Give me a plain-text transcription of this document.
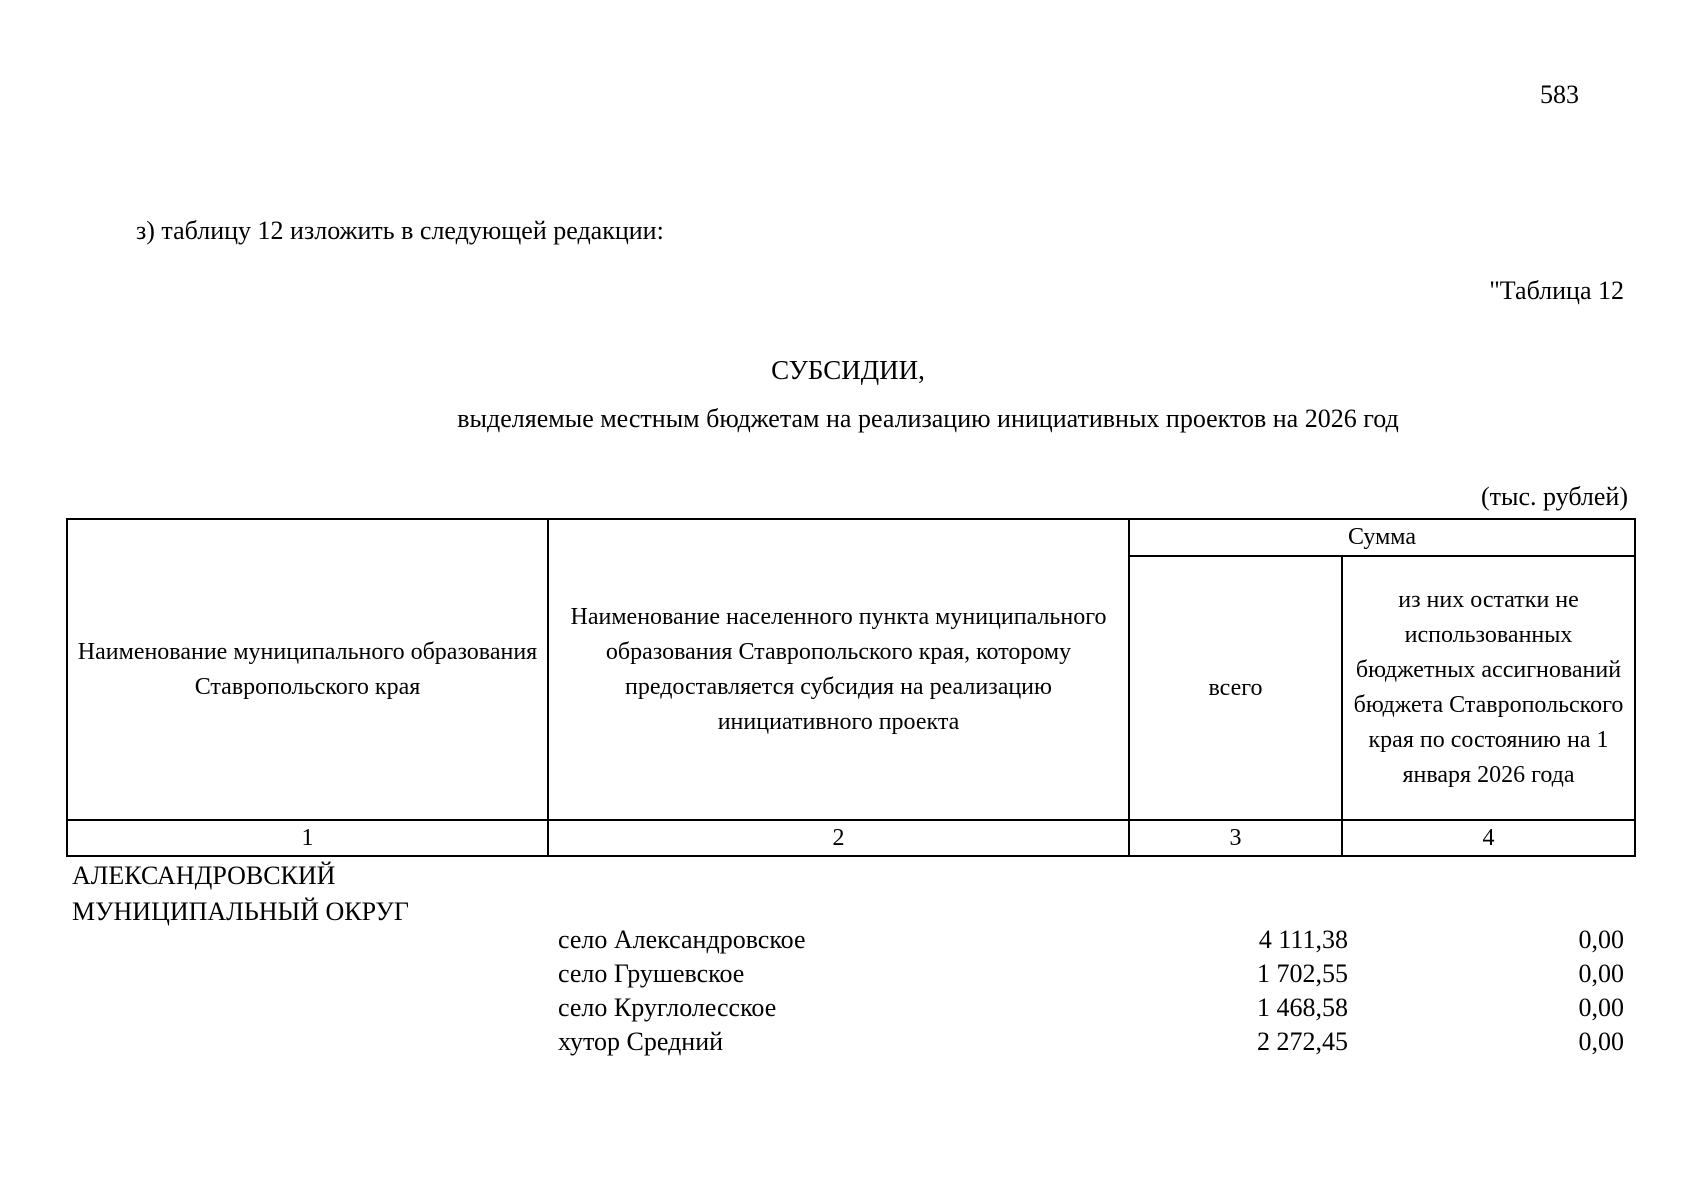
583
з) таблицу 12 изложить в следующей редакции:
"Таблица 12
СУБСИДИИ,
выделяемые местным бюджетам на реализацию инициативных проектов на 2026 год
(тыс. рублей)
Наименование муниципального образования Ставропольского края	Наименование населенного пункта муниципального образования Ставропольского края, которому предоставляется субсидия на реализацию инициативного проекта	Сумма	
		всего	из них остатки не использованных бюджетных ассигнований бюджета Ставропольского края по состоянию на 1 января 2026 года
1	2	3	4
АЛЕКСАНДРОВСКИЙ МУНИЦИПАЛЬНЫЙ ОКРУГ
село Александровское	4 111,38	0,00
село Грушевское	1 702,55	0,00
село Круглолесское	1 468,58	0,00
хутор Средний	2 272,45	0,00
